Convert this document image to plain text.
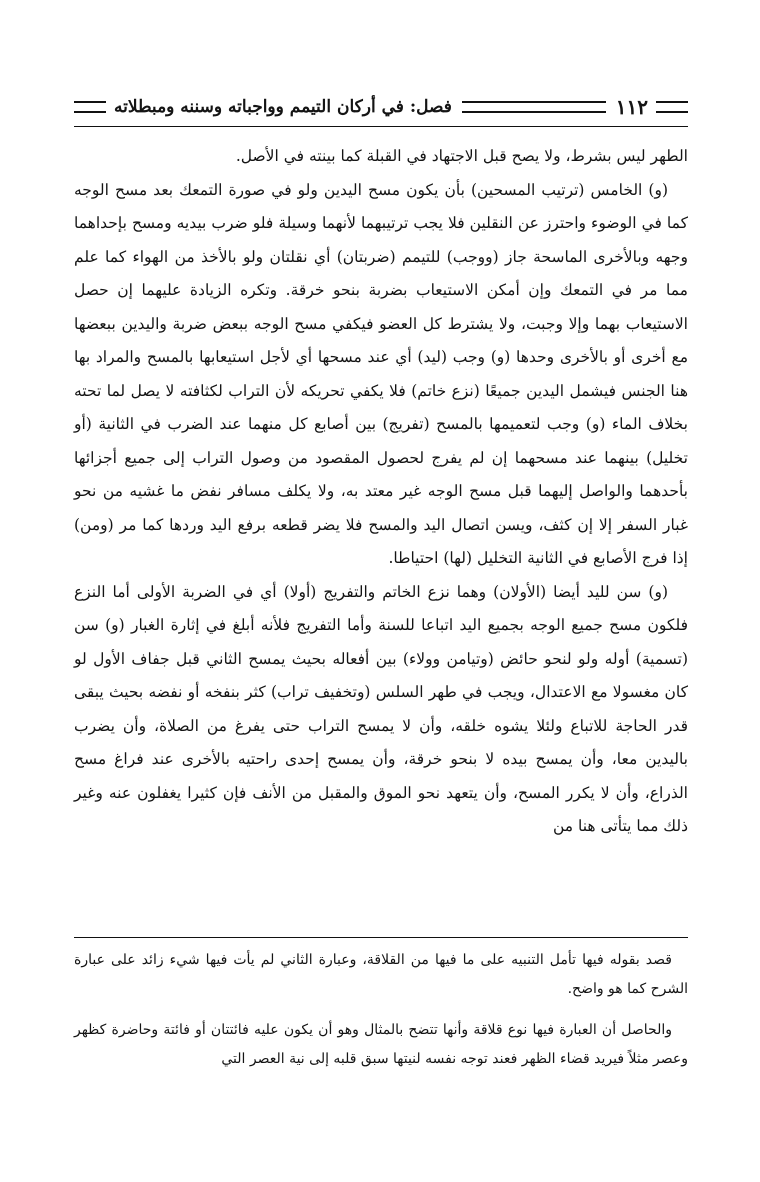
١١٢
فصل: في أركان التيمم وواجباته وسننه ومبطلاته

الطهر ليس بشرط، ولا يصح قبل الاجتهاد في القبلة كما بينته في الأصل.

(و) الخامس (ترتيب المسحين) بأن يكون مسح اليدين ولو في صورة التمعك بعد مسح الوجه كما في الوضوء واحترز عن النقلين فلا يجب ترتيبهما لأنهما وسيلة فلو ضرب بيديه ومسح بإحداهما وجهه وبالأخرى الماسحة جاز (ووجب) للتيمم (ضربتان) أي نقلتان ولو بالأخذ من الهواء كما علم مما مر في التمعك وإن أمكن الاستيعاب بضربة بنحو خرقة. وتكره الزيادة عليهما إن حصل الاستيعاب بهما وإلا وجبت، ولا يشترط كل العضو فيكفي مسح الوجه ببعض ضربة واليدين ببعضها مع أخرى أو بالأخرى وحدها (و) وجب (ليد) أي عند مسحها أي لأجل استيعابها بالمسح والمراد بها هنا الجنس فيشمل اليدين جميعًا (نزع خاتم) فلا يكفي تحريكه لأن التراب لكثافته لا يصل لما تحته بخلاف الماء (و) وجب لتعميمها بالمسح (تفريج) بين أصابع كل منهما عند الضرب في الثانية (أو تخليل) بينهما عند مسحهما إن لم يفرج لحصول المقصود من وصول التراب إلى جميع أجزائها بأحدهما والواصل إليهما قبل مسح الوجه غير معتد به، ولا يكلف مسافر نفض ما غشيه من نحو غبار السفر إلا إن كثف، ويسن اتصال اليد والمسح فلا يضر قطعه برفع اليد وردها كما مر (ومن) إذا فرج الأصابع في الثانية التخليل (لها) احتياطا.

(و) سن لليد أيضا (الأولان) وهما نزع الخاتم والتفريج (أولا) أي في الضربة الأولى أما النزع فلكون مسح جميع الوجه بجميع اليد اتباعا للسنة وأما التفريج فلأنه أبلغ في إثارة الغبار (و) سن (تسمية) أوله ولو لنحو حائض (وتيامن وولاء) بين أفعاله بحيث يمسح الثاني قبل جفاف الأول لو كان مغسولا مع الاعتدال، ويجب في طهر السلس (وتخفيف تراب) كثر بنفخه أو نفضه بحيث يبقى قدر الحاجة للاتباع ولئلا يشوه خلقه، وأن لا يمسح التراب حتى يفرغ من الصلاة، وأن يضرب باليدين معا، وأن يمسح بيده لا بنحو خرقة، وأن يمسح إحدى راحتيه بالأخرى عند فراغ مسح الذراع، وأن لا يكرر المسح، وأن يتعهد نحو الموق والمقبل من الأنف فإن كثيرا يغفلون عنه وغير ذلك مما يتأتى هنا من

قصد بقوله فيها تأمل التنبيه على ما فيها من القلاقة، وعبارة الثاني لم يأت فيها شيء زائد على عبارة الشرح كما هو واضح.

والحاصل أن العبارة فيها نوع قلاقة وأنها تتضح بالمثال وهو أن يكون عليه فائتتان أو فائتة وحاضرة كظهر وعصر مثلاً فيريد قضاء الظهر فعند توجه نفسه لنيتها سبق قلبه إلى نية العصر التي
